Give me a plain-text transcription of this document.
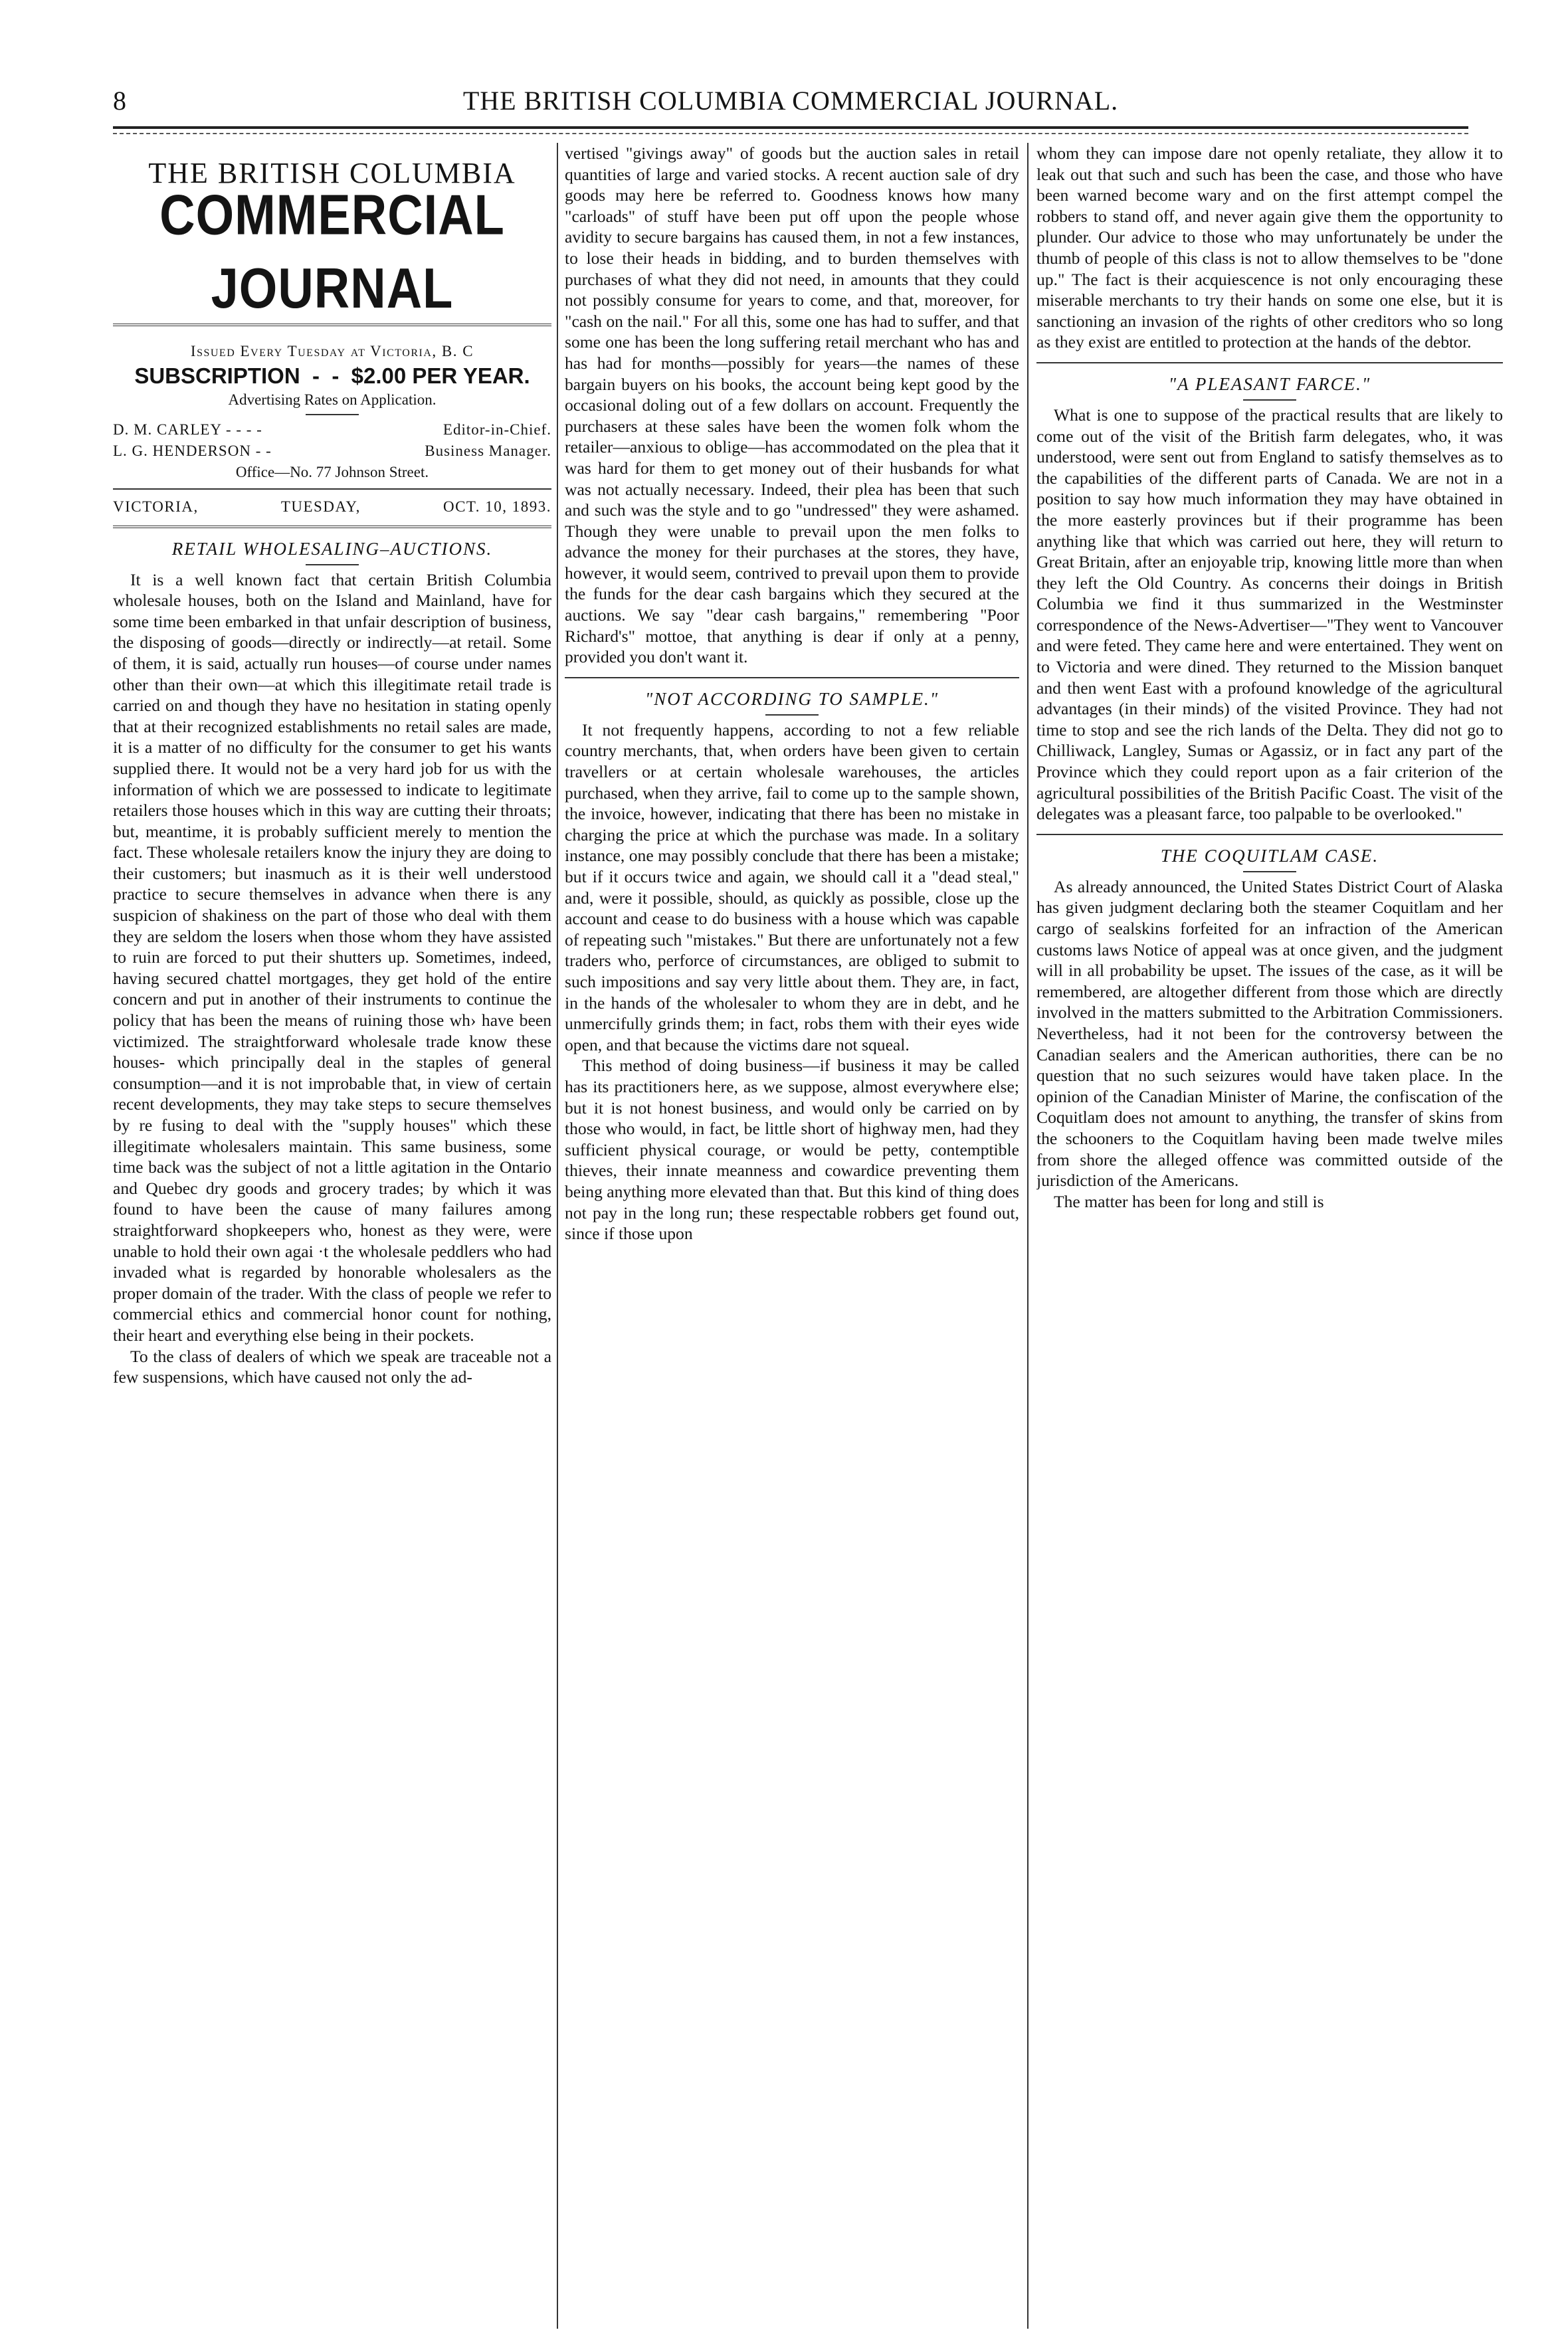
8	THE BRITISH COLUMBIA COMMERCIAL JOURNAL.
THE BRITISH COLUMBIA
COMMERCIAL JOURNAL
Issued Every Tuesday at Victoria, B. C
SUBSCRIPTION  -  -  $2.00 PER YEAR.
Advertising Rates on Application.
D. M. CARLEY - - - -	Editor-in-Chief.
L. G. HENDERSON - -	Business Manager.
Office—No. 77 Johnson Street.
VICTORIA,	TUESDAY,	OCT. 10, 1893.
RETAIL WHOLESALING–AUCTIONS.

It is a well known fact that certain British Columbia wholesale houses, both on the Island and Mainland, have for some time been embarked in that unfair description of business, the disposing of goods—directly or indirectly—at retail. Some of them, it is said, actually run houses—of course under names other than their own—at which this illegitimate retail trade is carried on and though they have no hesitation in stating openly that at their recognized establishments no retail sales are made, it is a matter of no difficulty for the consumer to get his wants supplied there. It would not be a very hard job for us with the information of which we are possessed to indicate to legitimate retailers those houses which in this way are cutting their throats; but, meantime, it is probably sufficient merely to mention the fact. These wholesale retailers know the injury they are doing to their customers; but inasmuch as it is their well understood practice to secure themselves in advance when there is any suspicion of shakiness on the part of those who deal with them they are seldom the losers when those whom they have assisted to ruin are forced to put their shutters up. Sometimes, indeed, having secured chattel mortgages, they get hold of the entire concern and put in another of their instruments to continue the policy that has been the means of ruining those wh› have been victimized. The straightforward wholesale trade know these houses- which principally deal in the staples of general consumption—and it is not improbable that, in view of certain recent developments, they may take steps to secure themselves by re fusing to deal with the "supply houses" which these illegitimate wholesalers maintain. This same business, some time back was the subject of not a little agitation in the Ontario and Quebec dry goods and grocery trades; by which it was found to have been the cause of many failures among straightforward shopkeepers who, honest as they were, were unable to hold their own agai ·t the wholesale peddlers who had invaded what is regarded by honorable wholesalers as the proper domain of the trader. With the class of people we refer to commercial ethics and commercial honor count for nothing, their heart and everything else being in their pockets.

To the class of dealers of which we speak are traceable not a few suspensions, which have caused not only the ad-

vertised "givings away" of goods but the auction sales in retail quantities of large and varied stocks. A recent auction sale of dry goods may here be referred to. Goodness knows how many "carloads" of stuff have been put off upon the people whose avidity to secure bargains has caused them, in not a few instances, to lose their heads in bidding, and to burden themselves with purchases of what they did not need, in amounts that they could not possibly consume for years to come, and that, moreover, for "cash on the nail." For all this, some one has had to suffer, and that some one has been the long suffering retail merchant who has and has had for months—possibly for years—the names of these bargain buyers on his books, the account being kept good by the occasional doling out of a few dollars on account. Frequently the purchasers at these sales have been the women folk whom the retailer—anxious to oblige—has accommodated on the plea that it was hard for them to get money out of their husbands for what was not actually necessary. Indeed, their plea has been that such and such was the style and to go "undressed" they were ashamed. Though they were unable to prevail upon the men folks to advance the money for their purchases at the stores, they have, however, it would seem, contrived to prevail upon them to provide the funds for the dear cash bargains which they secured at the auctions. We say "dear cash bargains," remembering "Poor Richard's" mottoe, that anything is dear if only at a penny, provided you don't want it.

"NOT ACCORDING TO SAMPLE."

It not frequently happens, according to not a few reliable country merchants, that, when orders have been given to certain travellers or at certain wholesale warehouses, the articles purchased, when they arrive, fail to come up to the sample shown, the invoice, however, indicating that there has been no mistake in charging the price at which the purchase was made. In a solitary instance, one may possibly conclude that there has been a mistake; but if it occurs twice and again, we should call it a "dead steal," and, were it possible, should, as quickly as possible, close up the account and cease to do business with a house which was capable of repeating such "mistakes." But there are unfortunately not a few traders who, perforce of circumstances, are obliged to submit to such impositions and say very little about them. They are, in fact, in the hands of the wholesaler to whom they are in debt, and he unmercifully grinds them; in fact, robs them with their eyes wide open, and that because the victims dare not squeal.

This method of doing business—if business it may be called has its practitioners here, as we suppose, almost everywhere else; but it is not honest business, and would only be carried on by those who would, in fact, be little short of highway men, had they sufficient physical courage, or would be petty, contemptible thieves, their innate meanness and cowardice preventing them being anything more elevated than that. But this kind of thing does not pay in the long run; these respectable robbers get found out, since if those upon

whom they can impose dare not openly retaliate, they allow it to leak out that such and such has been the case, and those who have been warned become wary and on the first attempt compel the robbers to stand off, and never again give them the opportunity to plunder. Our advice to those who may unfortunately be under the thumb of people of this class is not to allow themselves to be "done up." The fact is their acquiescence is not only encouraging these miserable merchants to try their hands on some one else, but it is sanctioning an invasion of the rights of other creditors who so long as they exist are entitled to protection at the hands of the debtor.

"A PLEASANT FARCE."

What is one to suppose of the practical results that are likely to come out of the visit of the British farm delegates, who, it was understood, were sent out from England to satisfy themselves as to the capabilities of the different parts of Canada. We are not in a position to say how much information they may have obtained in the more easterly provinces but if their programme has been anything like that which was carried out here, they will return to Great Britain, after an enjoyable trip, knowing little more than when they left the Old Country. As concerns their doings in British Columbia we find it thus summarized in the Westminster correspondence of the News-Advertiser—"They went to Vancouver and were feted. They came here and were entertained. They went on to Victoria and were dined. They returned to the Mission banquet and then went East with a profound knowledge of the agricultural advantages (in their minds) of the visited Province. They had not time to stop and see the rich lands of the Delta. They did not go to Chilliwack, Langley, Sumas or Agassiz, or in fact any part of the Province which they could report upon as a fair criterion of the agricultural possibilities of the British Pacific Coast. The visit of the delegates was a pleasant farce, too palpable to be overlooked."

THE COQUITLAM CASE.

As already announced, the United States District Court of Alaska has given judgment declaring both the steamer Coquitlam and her cargo of sealskins forfeited for an infraction of the American customs laws Notice of appeal was at once given, and the judgment will in all probability be upset. The issues of the case, as it will be remembered, are altogether different from those which are directly involved in the matters submitted to the Arbitration Commissioners. Nevertheless, had it not been for the controversy between the Canadian sealers and the American authorities, there can be no question that no such seizures would have taken place. In the opinion of the Canadian Minister of Marine, the confiscation of the Coquitlam does not amount to anything, the transfer of skins from the schooners to the Coquitlam having been made twelve miles from shore the alleged offence was committed outside of the jurisdiction of the Americans.

The matter has been for long and still is
